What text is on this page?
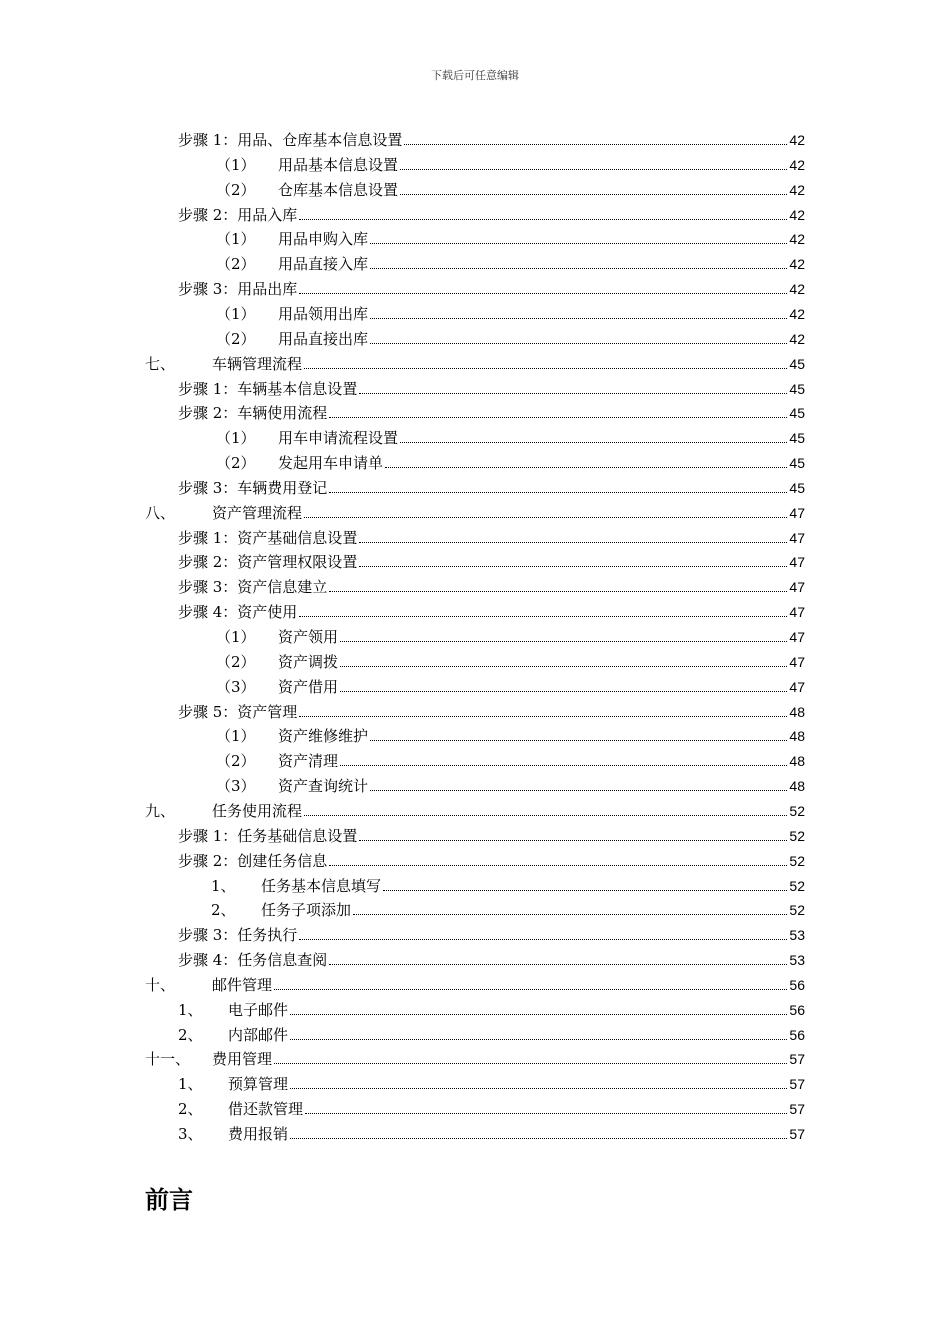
下载后可任意编辑
步骤 1：用品、仓库基本信息设置	42
（1）	用品基本信息设置	42
（2）	仓库基本信息设置	42
步骤 2：用品入库	42
（1）	用品申购入库	42
（2）	用品直接入库	42
步骤 3：用品出库	42
（1）	用品领用出库	42
（2）	用品直接出库	42
七、	车辆管理流程	45
步骤 1：车辆基本信息设置	45
步骤 2：车辆使用流程	45
（1）	用车申请流程设置	45
（2）	发起用车申请单	45
步骤 3：车辆费用登记	45
八、	资产管理流程	47
步骤 1：资产基础信息设置	47
步骤 2：资产管理权限设置	47
步骤 3：资产信息建立	47
步骤 4：资产使用	47
（1）	资产领用	47
（2）	资产调拨	47
（3）	资产借用	47
步骤 5：资产管理	48
（1）	资产维修维护	48
（2）	资产清理	48
（3）	资产查询统计	48
九、	任务使用流程	52
步骤 1：任务基础信息设置	52
步骤 2：创建任务信息	52
1、	任务基本信息填写	52
2、	任务子项添加	52
步骤 3：任务执行	53
步骤 4：任务信息查阅	53
十、	邮件管理	56
1、	电子邮件	56
2、	内部邮件	56
十一、	费用管理	57
1、	预算管理	57
2、	借还款管理	57
3、	费用报销	57
前言
